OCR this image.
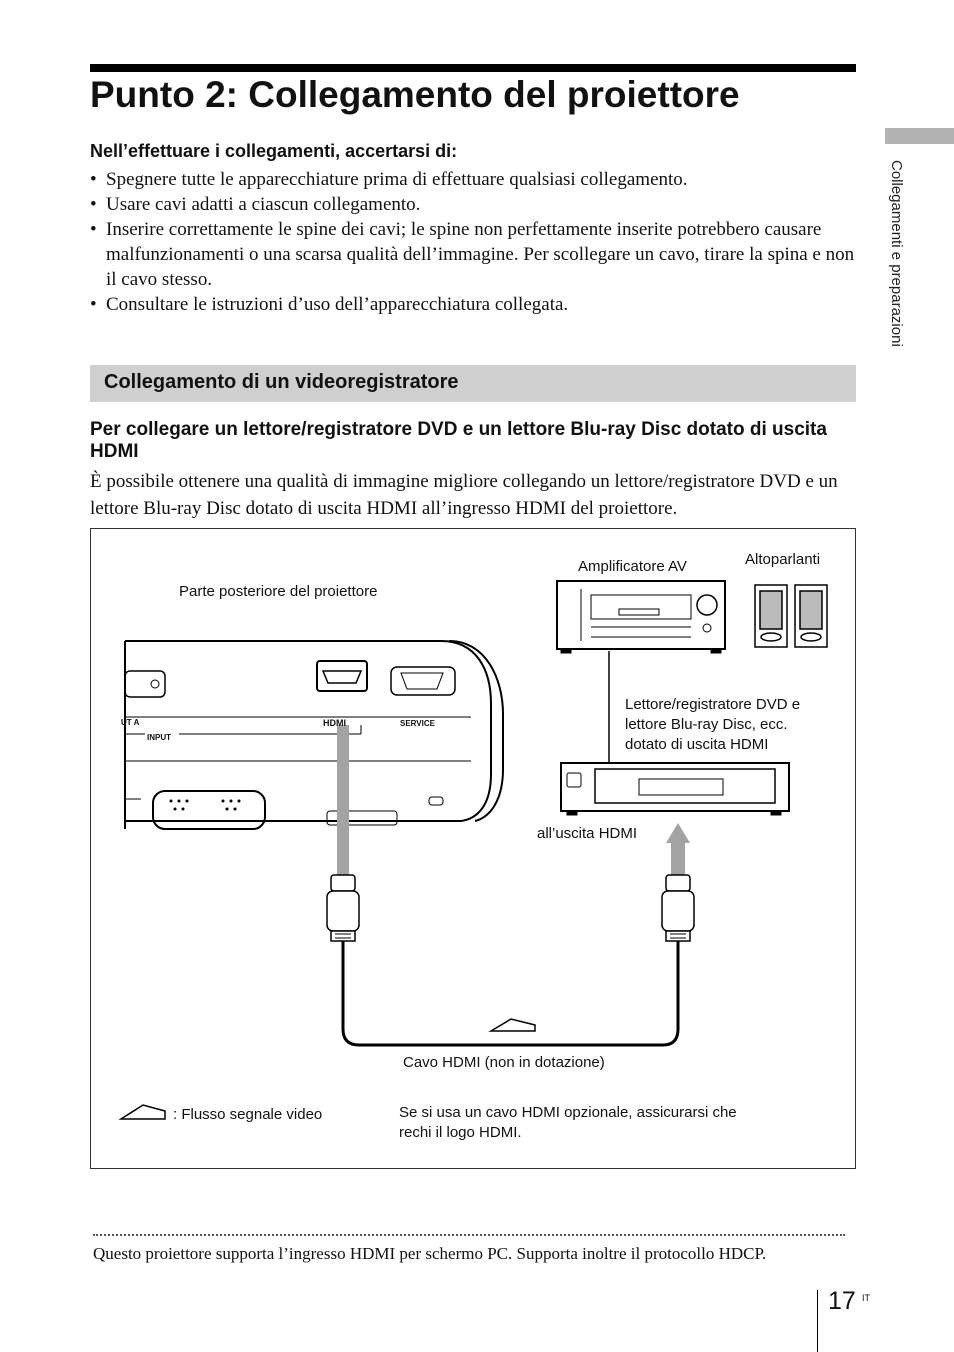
Punto 2: Collegamento del proiettore
Collegamenti e preparazioni
Nell’effettuare i collegamenti, accertarsi di:
• Spegnere tutte le apparecchiature prima di effettuare qualsiasi collegamento.
• Usare cavi adatti a ciascun collegamento.
• Inserire correttamente le spine dei cavi; le spine non perfettamente inserite potrebbero causare malfunzionamenti o una scarsa qualità dell’immagine. Per scollegare un cavo, tirare la spina e non il cavo stesso.
• Consultare le istruzioni d’uso dell’apparecchiatura collegata.
Collegamento di un videoregistratore
Per collegare un lettore/registratore DVD e un lettore Blu-ray Disc dotato di uscita HDMI
È possibile ottenere una qualità di immagine migliore collegando un lettore/registratore DVD e un lettore Blu-ray Disc dotato di uscita HDMI all’ingresso HDMI del proiettore.
Parte posteriore del proiettore
Amplificatore AV	Altoparlanti
Lettore/registratore DVD e
lettore Blu-ray Disc, ecc.
dotato di uscita HDMI
all’uscita HDMI
Cavo HDMI (non in dotazione)
: Flusso segnale video	Se si usa un cavo HDMI opzionale, assicurarsi che
rechi il logo HDMI.
UT A
INPUT
HDMI	SERVICE
Questo proiettore supporta l’ingresso HDMI per schermo PC. Supporta inoltre il protocollo HDCP.
17 IT
